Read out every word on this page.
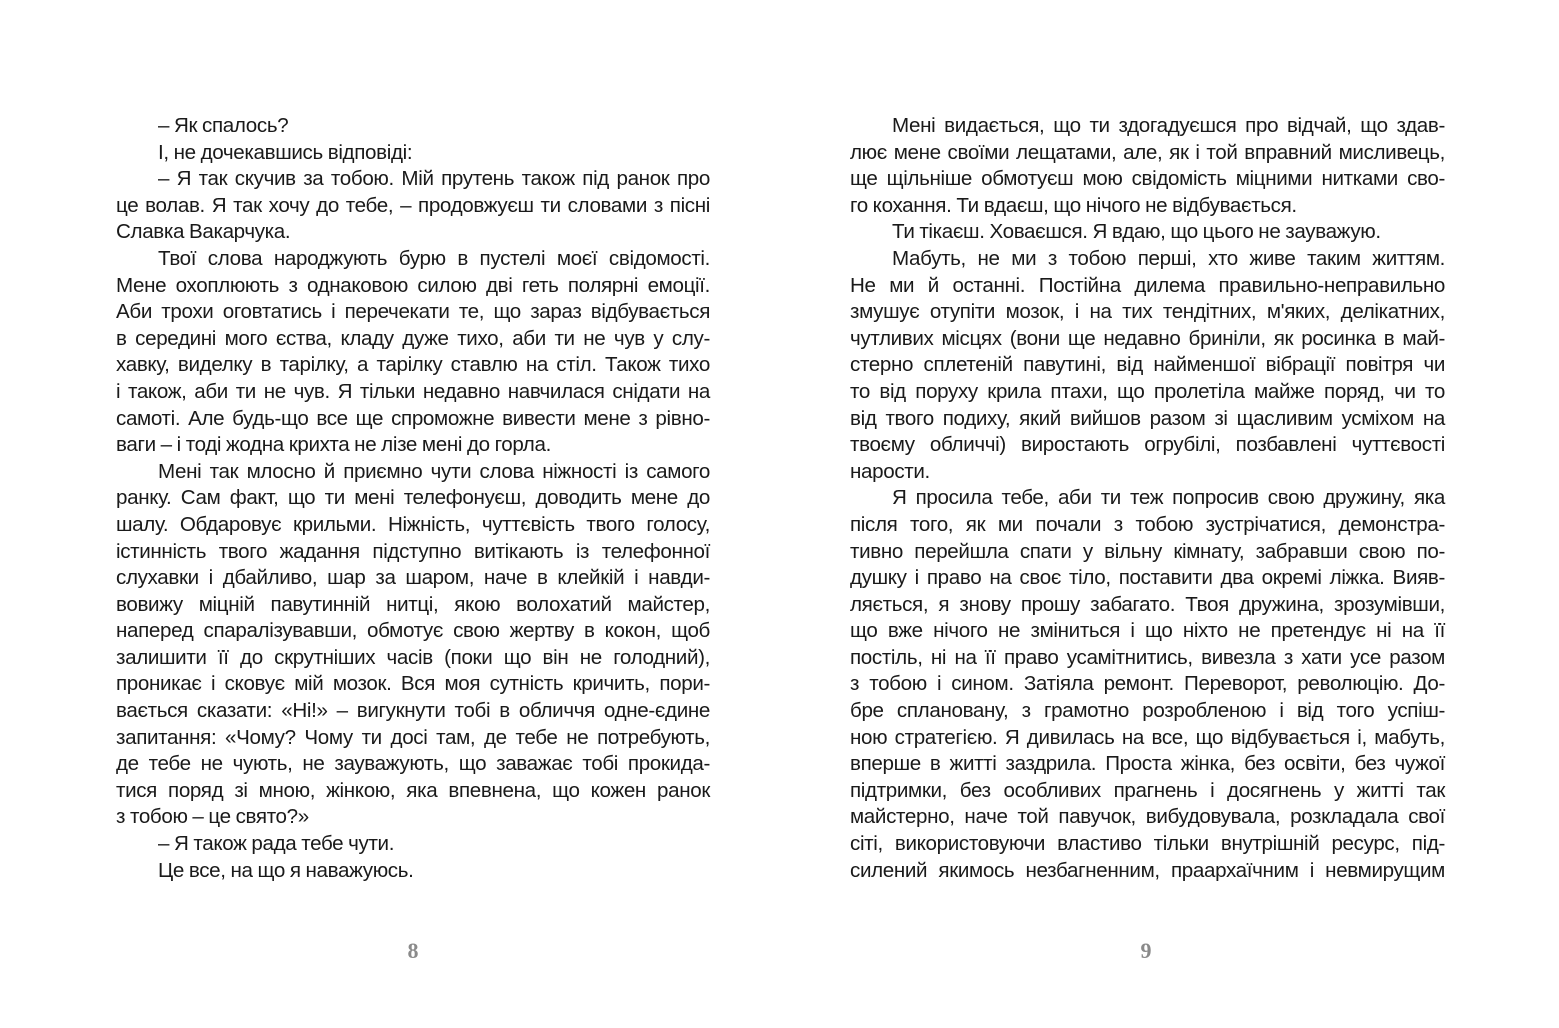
– Як спалось?
І, не дочекавшись відповіді:
– Я так скучив за тобою. Мій прутень також під ранок про
це волав. Я так хочу до тебе, – продовжуєш ти словами з пісні
Славка Вакарчука.
Твої слова народжують бурю в пустелі моєї свідомості.
Мене охоплюють з однаковою силою дві геть полярні емоції.
Аби трохи оговтатись і перечекати те, що зараз відбувається
в середині мого єства, кладу дуже тихо, аби ти не чув у слу-
хавку, виделку в тарілку, а тарілку ставлю на стіл. Також тихо
і також, аби ти не чув. Я тільки недавно навчилася снідати на
самоті. Але будь-що все ще спроможне вивести мене з рівно-
ваги – і тоді жодна крихта не лізе мені до горла.
Мені так млосно й приємно чути слова ніжності із самого
ранку. Сам факт, що ти мені телефонуєш, доводить мене до
шалу. Обдаровує крильми. Ніжність, чуттєвість твого голосу,
істинність твого жадання підступно витікають із телефонної
слухавки і дбайливо, шар за шаром, наче в клейкій і навди-
вовижу міцній павутинній нитці, якою волохатий майстер,
наперед спаралізувавши, обмотує свою жертву в кокон, щоб
залишити її до скрутніших часів (поки що він не голодний),
проникає і сковує мій мозок. Вся моя сутність кричить, пори-
вається сказати: «Ні!» – вигукнути тобі в обличчя одне-єдине
запитання: «Чому? Чому ти досі там, де тебе не потребують,
де тебе не чують, не зауважують, що заважає тобі прокида-
тися поряд зі мною, жінкою, яка впевнена, що кожен ранок
з тобою – це свято?»
– Я також рада тебе чути.
Це все, на що я наважуюсь.
8
Мені видається, що ти здогадуєшся про відчай, що здав-
лює мене своїми лещатами, але, як і той вправний мисливець,
ще щільніше обмотуєш мою свідомість міцними нитками сво-
го кохання. Ти вдаєш, що нічого не відбувається.
Ти тікаєш. Ховаєшся. Я вдаю, що цього не зауважую.
Мабуть, не ми з тобою перші, хто живе таким життям.
Не ми й останні. Постійна дилема правильно-неправильно
змушує отупіти мозок, і на тих тендітних, м'яких, делікатних,
чутливих місцях (вони ще недавно бриніли, як росинка в май-
стерно сплетеній павутині, від найменшої вібрації повітря чи
то від поруху крила птахи, що пролетіла майже поряд, чи то
від твого подиху, який вийшов разом зі щасливим усміхом на
твоєму обличчі) виростають огрубілі, позбавлені чуттєвості
нарости.
Я просила тебе, аби ти теж попросив свою дружину, яка
після того, як ми почали з тобою зустрічатися, демонстра-
тивно перейшла спати у вільну кімнату, забравши свою по-
душку і право на своє тіло, поставити два окремі ліжка. Вияв-
ляється, я знову прошу забагато. Твоя дружина, зрозумівши,
що вже нічого не зміниться і що ніхто не претендує ні на її
постіль, ні на її право усамітнитись, вивезла з хати усе разом
з тобою і сином. Затіяла ремонт. Переворот, революцію. До-
бре сплановану, з грамотно розробленою і від того успіш-
ною стратегією. Я дивилась на все, що відбувається і, мабуть,
вперше в житті заздрила. Проста жінка, без освіти, без чужої
підтримки, без особливих прагнень і досягнень у житті так
майстерно, наче той павучок, вибудовувала, розкладала свої
сіті, використовуючи властиво тільки внутрішній ресурс, під-
силений якимось незбагненним, праархаїчним і невмирущим
9
